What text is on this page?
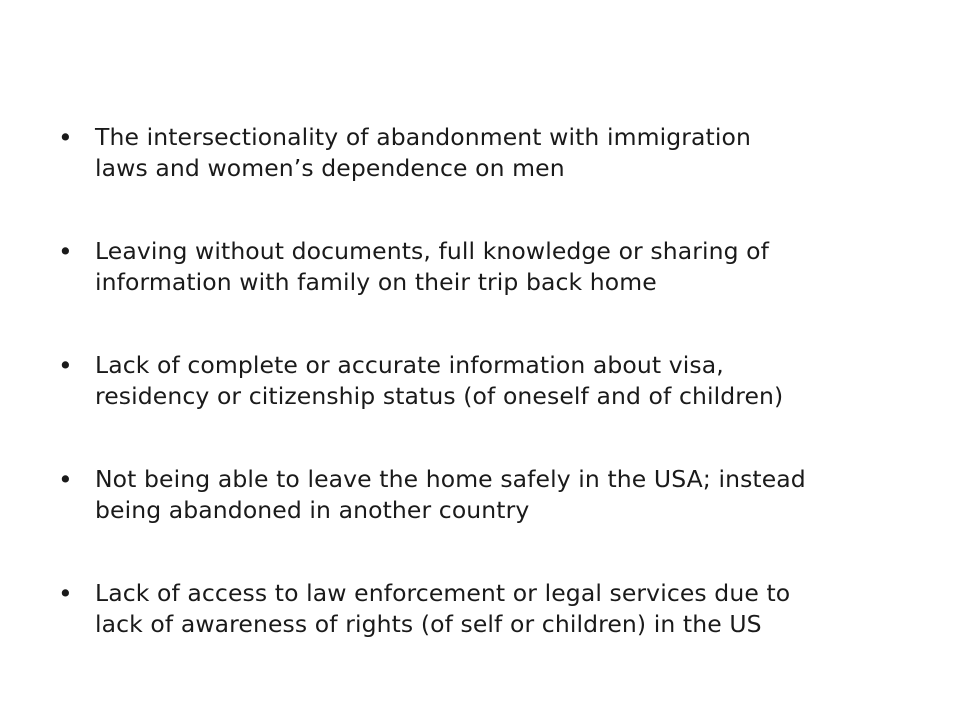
• The intersectionality of abandonment with immigration
laws and women’s dependence on men
• Leaving without documents, full knowledge or sharing of
information with family on their trip back home
• Lack of complete or accurate information about visa,
residency or citizenship status (of oneself and of children)
• Not being able to leave the home safely in the USA; instead
being abandoned in another country
• Lack of access to law enforcement or legal services due to
lack of awareness of rights (of self or children) in the US
